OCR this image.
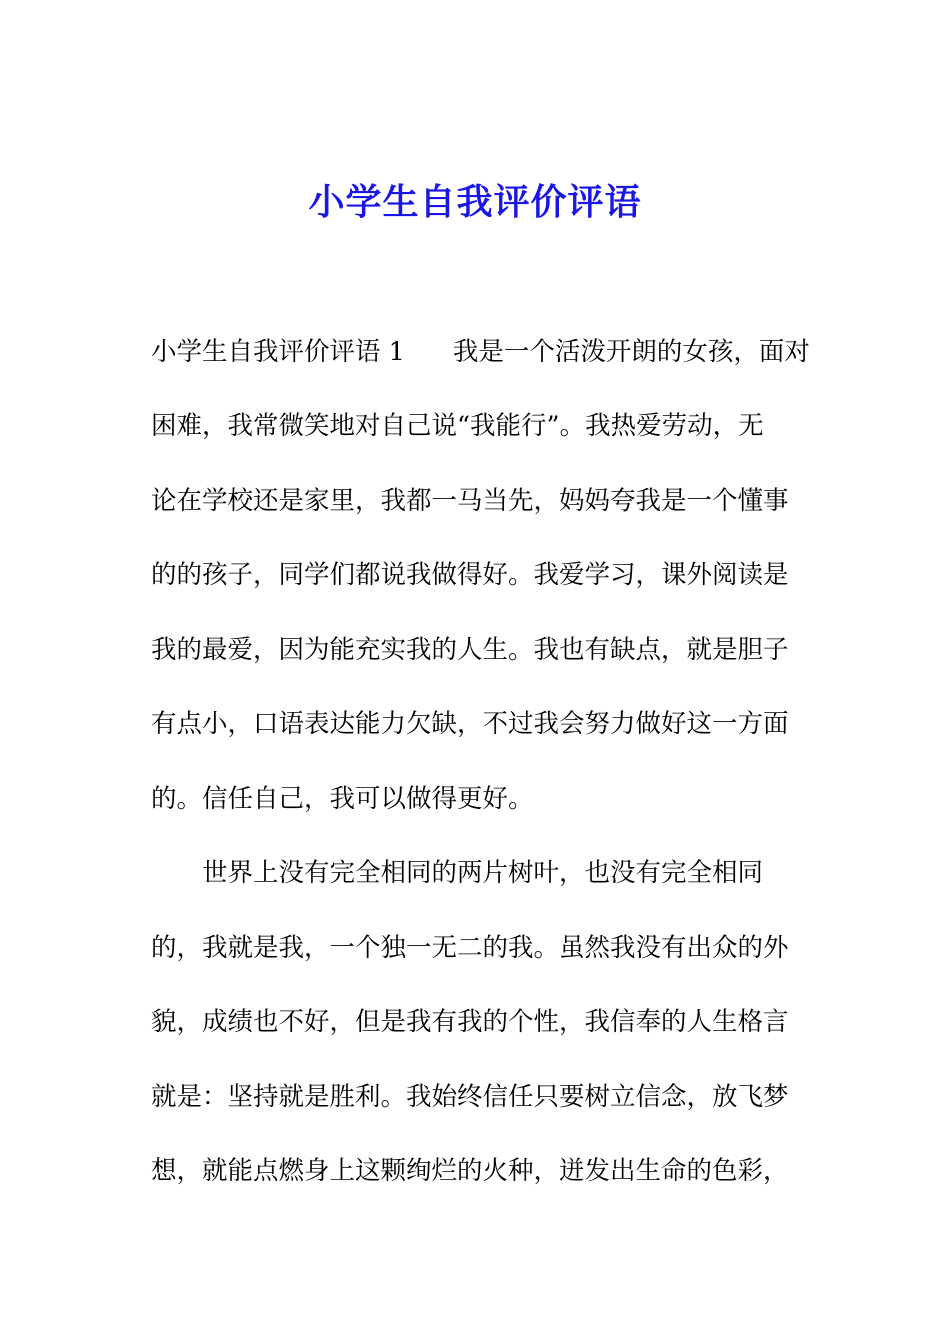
小学生自我评价评语
小学生自我评价评语 1 我是一个活泼开朗的女孩，面对
困难，我常微笑地对自己说“我能行”。我热爱劳动，无
论在学校还是家里，我都一马当先，妈妈夸我是一个懂事
的的孩子，同学们都说我做得好。我爱学习，课外阅读是
我的最爱，因为能充实我的人生。我也有缺点，就是胆子
有点小，口语表达能力欠缺，不过我会努力做好这一方面
的。信任自己，我可以做得更好。
世界上没有完全相同的两片树叶，也没有完全相同
的，我就是我，一个独一无二的我。虽然我没有出众的外
貌，成绩也不好，但是我有我的个性，我信奉的人生格言
就是：坚持就是胜利。我始终信任只要树立信念，放飞梦
想，就能点燃身上这颗绚烂的火种，迸发出生命的色彩，
